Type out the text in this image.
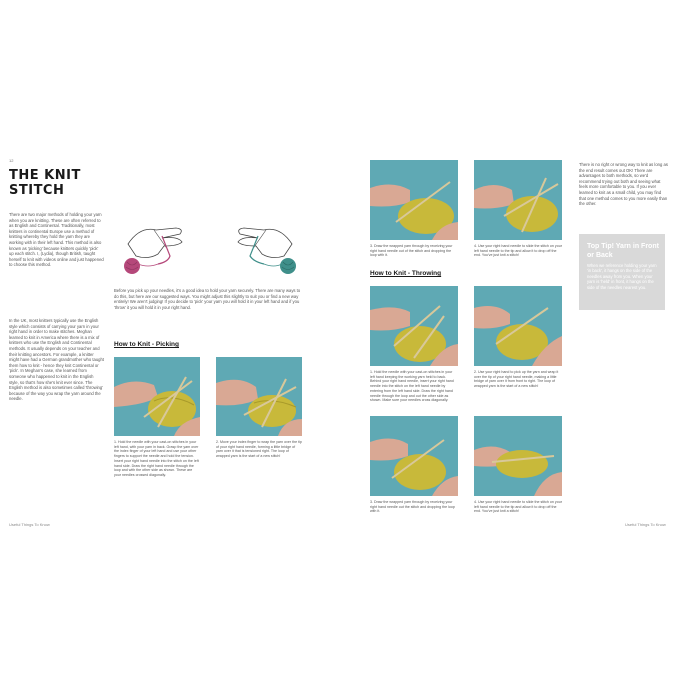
12
THE KNIT
STITCH
There are two major methods of holding your yarn when you are knitting. These are often referred to as English and Continental. Traditionally, most knitters in continental Europe use a method of knitting whereby they hold the yarn they are working with in their left hand. This method is also known as 'picking' because knitters quickly 'pick' up each stitch. I, (Lydia), though British, taught herself to knit with videos online and just happened to choose this method.
In the UK, most knitters typically use the English style which consists of carrying your yarn in your right hand in order to make stitches. Meghan learned to knit in America where there is a mix of knitters who use the English and Continental methods. It usually depends on your teacher and their knitting ancestors. For example, a knitter might have had a German grandmother who taught them how to knit - hence they knit Continental or 'pick'. In Meghan's case, she learned from someone who happened to knit in the English style, so that's how she's knit ever since. The English method is also sometimes called 'throwing' because of the way you wrap the yarn around the needle.
Before you pick up your needles, it's a good idea to hold your yarn securely. There are many ways to do this, but here are our suggested ways. You might adjust this slightly to suit you or find a new way entirely! We aren't judging! If you decide to 'pick' your yarn you will hold it in your left hand and if you 'throw' it you will hold it in your right hand.
How to Knit - Picking
1. Hold the needle with your cast-on stitches in your left hand, with your yarn in back. Grasp the yarn over the index finger of your left hand and use your other fingers to support the needle and hold the tension. Insert your right hand needle into the stitch on the left hand side. Draw the right hand needle through the loop and with the other side as shown. These are your needles crossed diagonally.
2. Move your index finger to wrap the yarn over the tip of your right hand needle, forming a little bridge of yarn over it that is tensioned right. The loop of wrapped yarn is the start of a new stitch!
Useful Things To Know
3. Draw the wrapped yarn through by receiving your right hand needle out of the stitch and dropping the loop with it.
4. Use your right hand needle to slide the stitch on your left hand needle to the tip and allow it to drop off the end. You've just knit a stitch!
How to Knit - Throwing
1. Hold the needle with your cast-on stitches in your left hand keeping the working yarn held to back. Behind your right hand needle, insert your right hand needle into the stitch on the left hand needle by entering from the left hand side. Draw the right hand needle through the loop and out the other side as shown. Make sure your needles cross diagonally.
2. Use your right hand to pick up the yarn and wrap it over the tip of your right hand needle, making a little bridge of yarn over it from front to right. The loop of wrapped yarn is the start of a new stitch!
3. Draw the wrapped yarn through by receiving your right hand needle out the stitch and dropping the loop with it.
4. Use your right hand needle to slide the stitch on your left hand needle to the tip and allow it to drop off the end. You've just knit a stitch!
There is no right or wrong way to knit as long as the end result comes out OK! There are advantages to both methods, so we'd recommend trying out both and seeing what feels more comfortable to you. If you ever learned to knit as a small child, you may find that one method comes to you more easily than the other.
Useful Things To Know
Top Tip! Yarn in Front or Back
When we reference holding your yarn 'in back', it hangs on the side of the needles away from you. When your yarn is 'held' in front, it hangs on the side of the needles nearest you.
